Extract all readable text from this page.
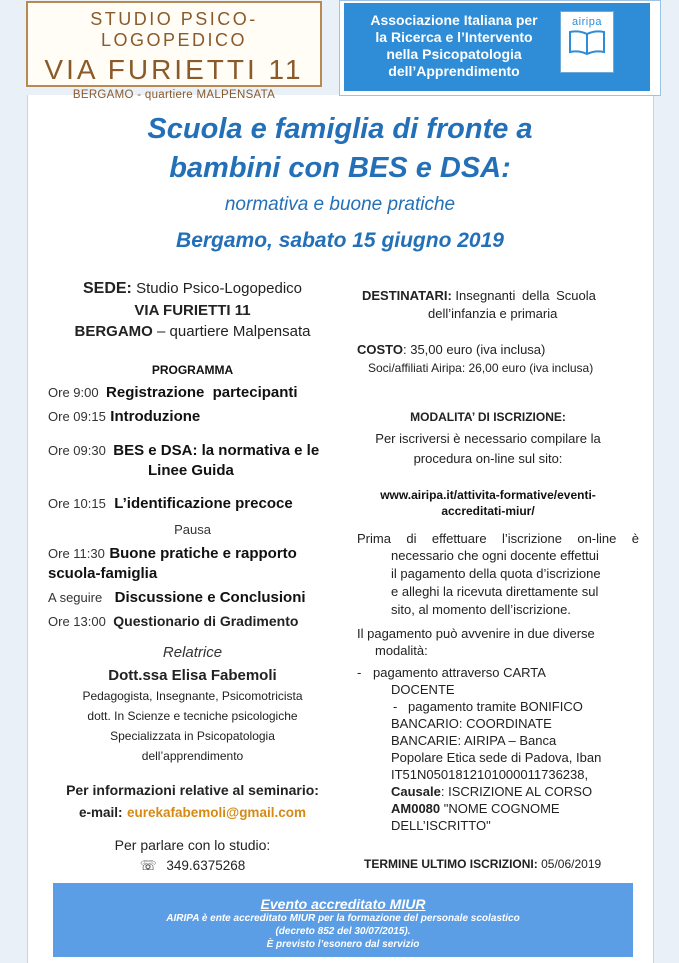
STUDIO PSICO-LOGOPEDICO
VIA FURIETTI 11
BERGAMO - quartiere MALPENSATA
Associazione Italiana per
la Ricerca e l’Intervento
nella Psicopatologia
dell’Apprendimento
airipa
Scuola e famiglia di fronte a
bambini con BES e DSA:
normativa e buone pratiche
Bergamo, sabato 15 giugno 2019
SEDE: Studio Psico-Logopedico
VIA FURIETTI 11
BERGAMO – quartiere Malpensata
PROGRAMMA
Ore 9:00 Registrazione partecipanti
Ore 09:15 Introduzione
Ore 09:30 BES e DSA: la normativa e le
Linee Guida
Ore 10:15 L’identificazione precoce
Pausa
Ore 11:30 Buone pratiche e rapporto
scuola-famiglia
A seguire Discussione e Conclusioni
Ore 13:00 Questionario di Gradimento
Relatrice
Dott.ssa Elisa Fabemoli
Pedagogista, Insegnante, Psicomotricista
dott. In Scienze e tecniche psicologiche
Specializzata in Psicopatologia
dell’apprendimento
Per informazioni relative al seminario:
e-mail: eurekafabemoli@gmail.com
Per parlare con lo studio:
☏ 349.6375268
DESTINATARI: Insegnanti della Scuola
dell’infanzia e primaria
COSTO: 35,00 euro (iva inclusa)
Soci/affiliati Airipa: 26,00 euro (iva inclusa)
MODALITA’ DI ISCRIZIONE:
Per iscriversi è necessario compilare la
procedura on-line sul sito:
www.airipa.it/attivita-formative/eventi-
accreditati-miur/
Prima di effettuare l’iscrizione on-line è
necessario che ogni docente effettui
il pagamento della quota d’iscrizione
e alleghi la ricevuta direttamente sul
sito, al momento dell’iscrizione.
Il pagamento può avvenire in due diverse
modalità:
- pagamento attraverso CARTA
DOCENTE
- pagamento tramite BONIFICO
BANCARIO: COORDINATE
BANCARIE: AIRIPA – Banca
Popolare Etica sede di Padova, Iban
IT51N0501812101000011736238,
Causale: ISCRIZIONE AL CORSO
AM0080 "NOME COGNOME
DELL’ISCRITTO"
TERMINE ULTIMO ISCRIZIONI: 05/06/2019
Evento accreditato MIUR
AIRIPA è ente accreditato MIUR per la formazione del personale scolastico
(decreto 852 del 30/07/2015).
È previsto l’esonero dal servizio
